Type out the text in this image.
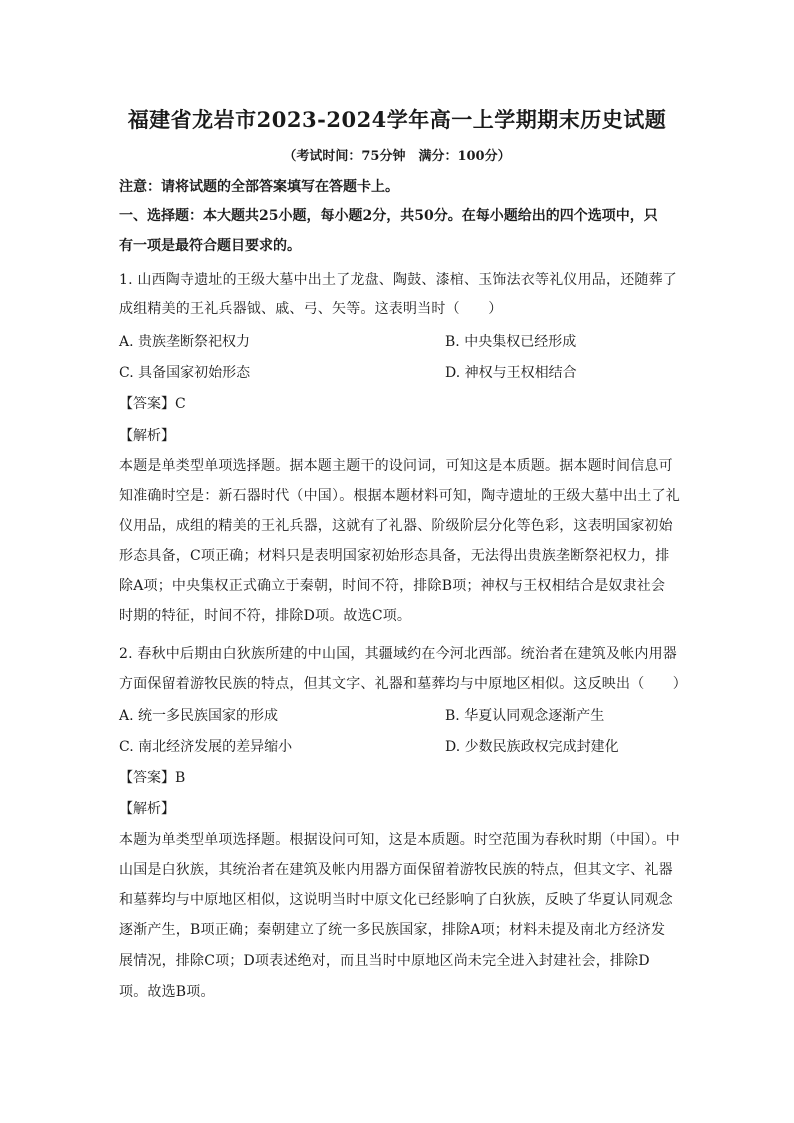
福建省龙岩市2023-2024学年高一上学期期末历史试题
（考试时间：75分钟　满分：100分）
注意：请将试题的全部答案填写在答题卡上。
一、选择题：本大题共25小题，每小题2分，共50分。在每小题给出的四个选项中，只
有一项是最符合题目要求的。
1. 山西陶寺遗址的王级大墓中出土了龙盘、陶鼓、漆棺、玉饰法衣等礼仪用品，还随葬了
成组精美的王礼兵器钺、戚、弓、矢等。这表明当时（　　）
A. 贵族垄断祭祀权力	B. 中央集权已经形成
C. 具备国家初始形态	D. 神权与王权相结合
【答案】C
【解析】
本题是单类型单项选择题。据本题主题干的设问词，可知这是本质题。据本题时间信息可
知准确时空是：新石器时代（中国）。根据本题材料可知，陶寺遗址的王级大墓中出土了礼
仪用品，成组的精美的王礼兵器，这就有了礼器、阶级阶层分化等色彩，这表明国家初始
形态具备，C项正确；材料只是表明国家初始形态具备，无法得出贵族垄断祭祀权力，排
除A项；中央集权正式确立于秦朝，时间不符，排除B项；神权与王权相结合是奴隶社会
时期的特征，时间不符，排除D项。故选C项。
2. 春秋中后期由白狄族所建的中山国，其疆域约在今河北西部。统治者在建筑及帐内用器
方面保留着游牧民族的特点，但其文字、礼器和墓葬均与中原地区相似。这反映出（　　）
A. 统一多民族国家的形成	B. 华夏认同观念逐渐产生
C. 南北经济发展的差异缩小	D. 少数民族政权完成封建化
【答案】B
【解析】
本题为单类型单项选择题。根据设问可知，这是本质题。时空范围为春秋时期（中国）。中
山国是白狄族，其统治者在建筑及帐内用器方面保留着游牧民族的特点，但其文字、礼器
和墓葬均与中原地区相似，这说明当时中原文化已经影响了白狄族，反映了华夏认同观念
逐渐产生，B项正确；秦朝建立了统一多民族国家，排除A项；材料未提及南北方经济发
展情况，排除C项；D项表述绝对，而且当时中原地区尚未完全进入封建社会，排除D
项。故选B项。
